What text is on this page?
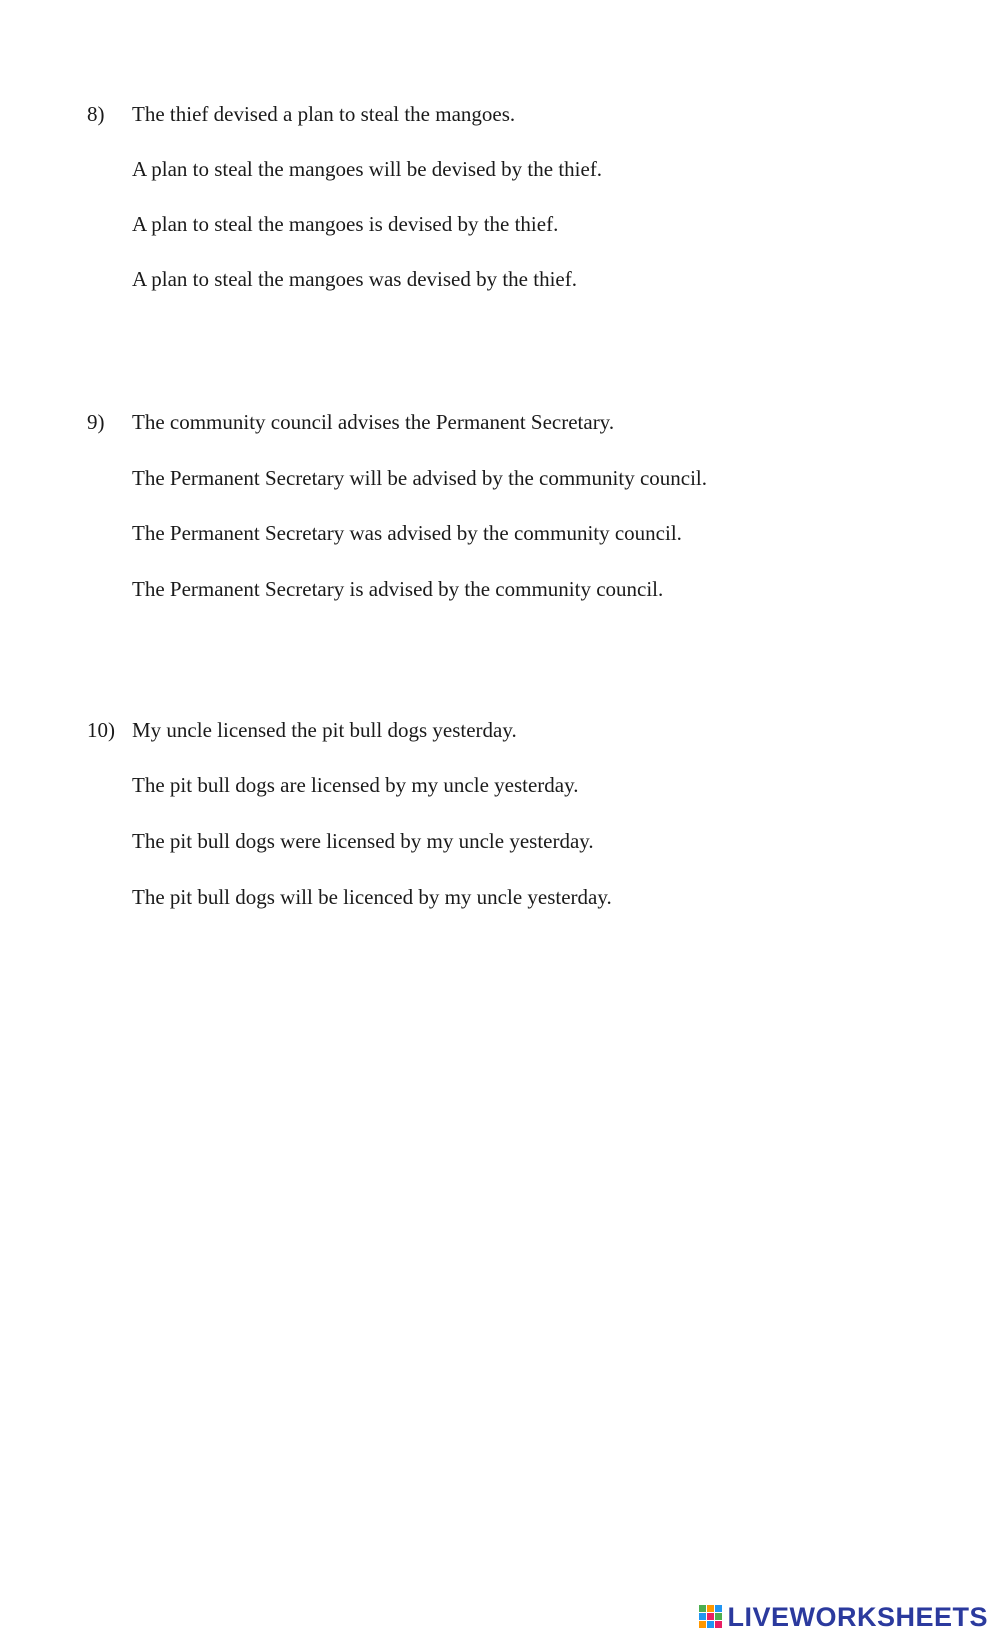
8) The thief devised a plan to steal the mangoes.
A plan to steal the mangoes will be devised by the thief.
A plan to steal the mangoes is devised by the thief.
A plan to steal the mangoes was devised by the thief.
9) The community council advises the Permanent Secretary.
The Permanent Secretary will be advised by the community council.
The Permanent Secretary was advised by the community council.
The Permanent Secretary is advised by the community council.
10) My uncle licensed the pit bull dogs yesterday.
The pit bull dogs are licensed by my uncle yesterday.
The pit bull dogs were licensed by my uncle yesterday.
The pit bull dogs will be licenced by my uncle yesterday.
LIVEWORKSHEETS
